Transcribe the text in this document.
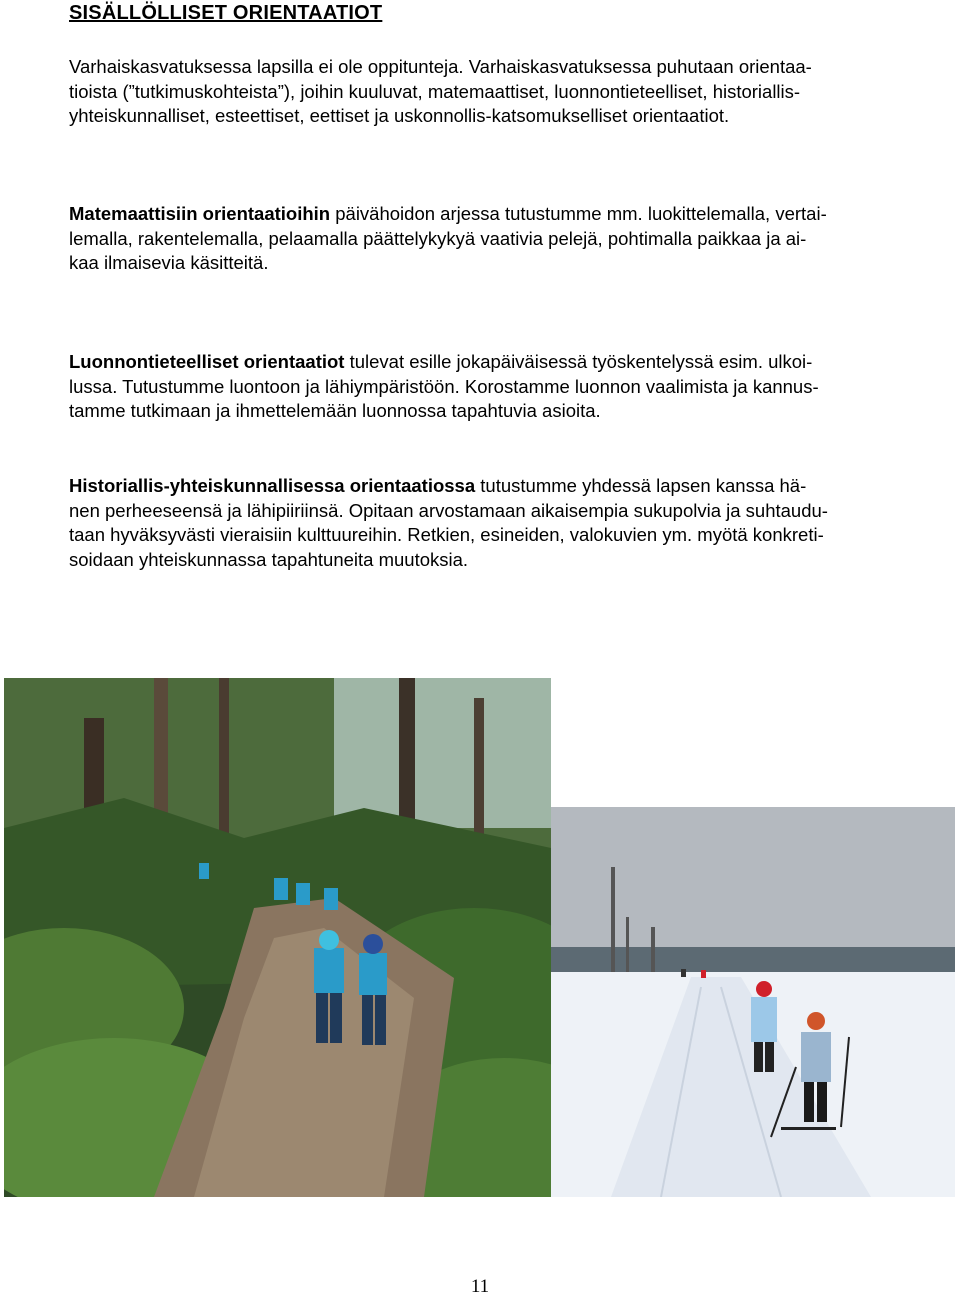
SISÄLLÖLLISET ORIENTAATIOT
Varhaiskasvatuksessa lapsilla ei ole oppitunteja. Varhaiskasvatuksessa puhutaan orientaa-
tioista (”tutkimuskohteista”), joihin kuuluvat, matemaattiset, luonnontieteelliset, historiallis-
yhteiskunnalliset, esteettiset, eettiset ja uskonnollis-katsomukselliset orientaatiot.
Matemaattisiin orientaatioihin päivähoidon arjessa tutustumme mm. luokittelemalla, vertai-
lemalla, rakentelemalla, pelaamalla päättelykykyä vaativia pelejä, pohtimalla paikkaa ja ai-
kaa ilmaisevia käsitteitä.
Luonnontieteelliset orientaatiot tulevat esille jokapäiväisessä työskentelyssä esim. ulkoi-
lussa. Tutustumme luontoon ja lähiympäristöön. Korostamme luonnon vaalimista ja kannus-
tamme tutkimaan ja ihmettelemään luonnossa tapahtuvia asioita.
Historiallis-yhteiskunnallisessa orientaatiossa tutustumme yhdessä lapsen kanssa hä-
nen perheeseensä ja lähipiiriinsä. Opitaan arvostamaan aikaisempia sukupolvia ja suhtaudu-
taan hyväksyvästi vieraisiin kulttuureihin. Retkien, esineiden, valokuvien ym. myötä konkreti-
soidaan yhteiskunnassa tapahtuneita muutoksia.
11
